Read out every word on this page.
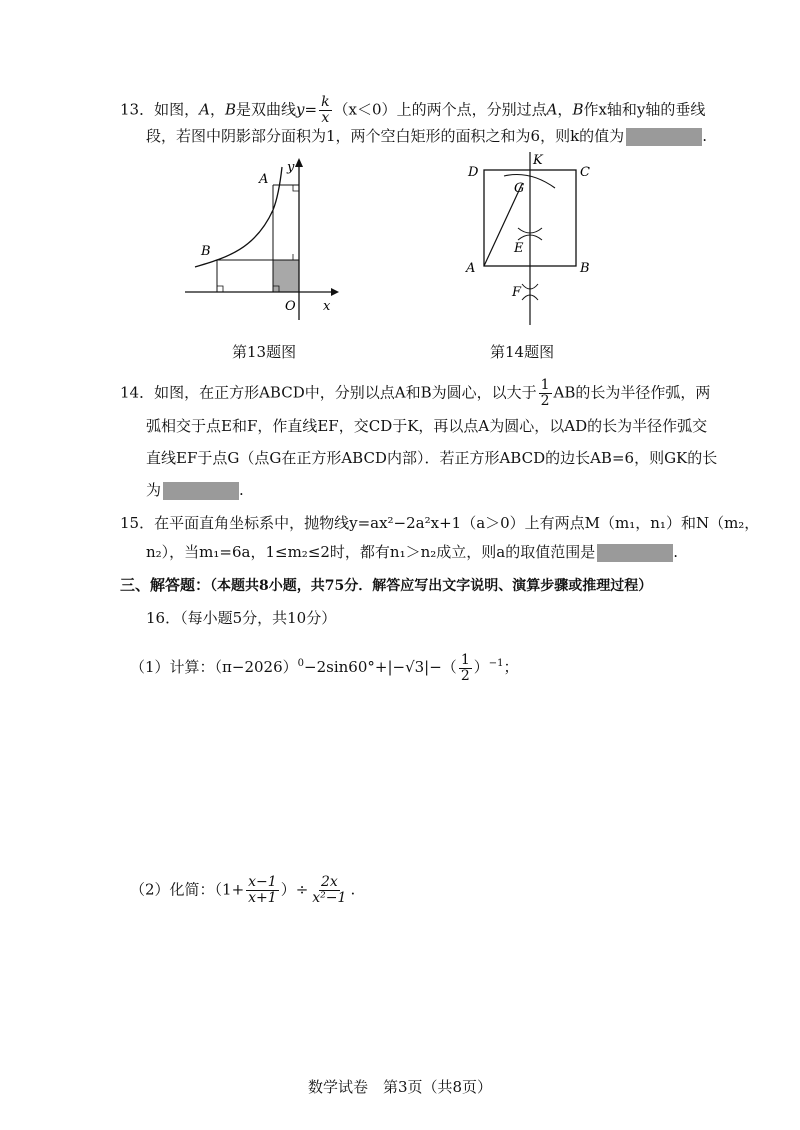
13．如图，A，B是双曲线$y= \frac{k}{x} (x<0)$上的两个点，分别过点A，B作x轴和y轴的垂线
段，若图中阴影部分面积为1，两个空白矩形的面积之和为6，则k的值为	.
A
B
y
x
O
第13题图
D
K
C
G
E
A	B
F
第14题图
14．如图，在正方形ABCD中，分别以点A和B为圆心，以大于 $\frac{1}{2}$ AB的长为半径作弧，两
弧相交于点E和F，作直线EF，交CD于K，再以点A为圆心，以AD的长为半径作弧交
直线EF于点G（点G在正方形ABCD内部）．若正方形ABCD的边长AB=6，则GK的长
为	.
15．在平面直角坐标系中，抛物线y=ax²−2a²x+1（a＞0）上有两点M（m₁，n₁）和N（m₂，
n₂），当m₁=6a，1≤m₂≤2时，都有n₁＞n₂成立，则a的取值范围是	.
三、解答题：（本题共8小题，共75分．解答应写出文字说明、演算步骤或推理过程）
16．（每小题5分，共10分）
（1）计算：$(\pi-2026)^0-2\sin 60^\circ+|-√3|-( \frac{1}{2} )^{-1}$；
（2）化简：（$1+ \frac{x-1}{x+1}$ ）÷ $\frac{2x}{\text{x²−1}}$ .
数学试卷　第3页（共8页）
